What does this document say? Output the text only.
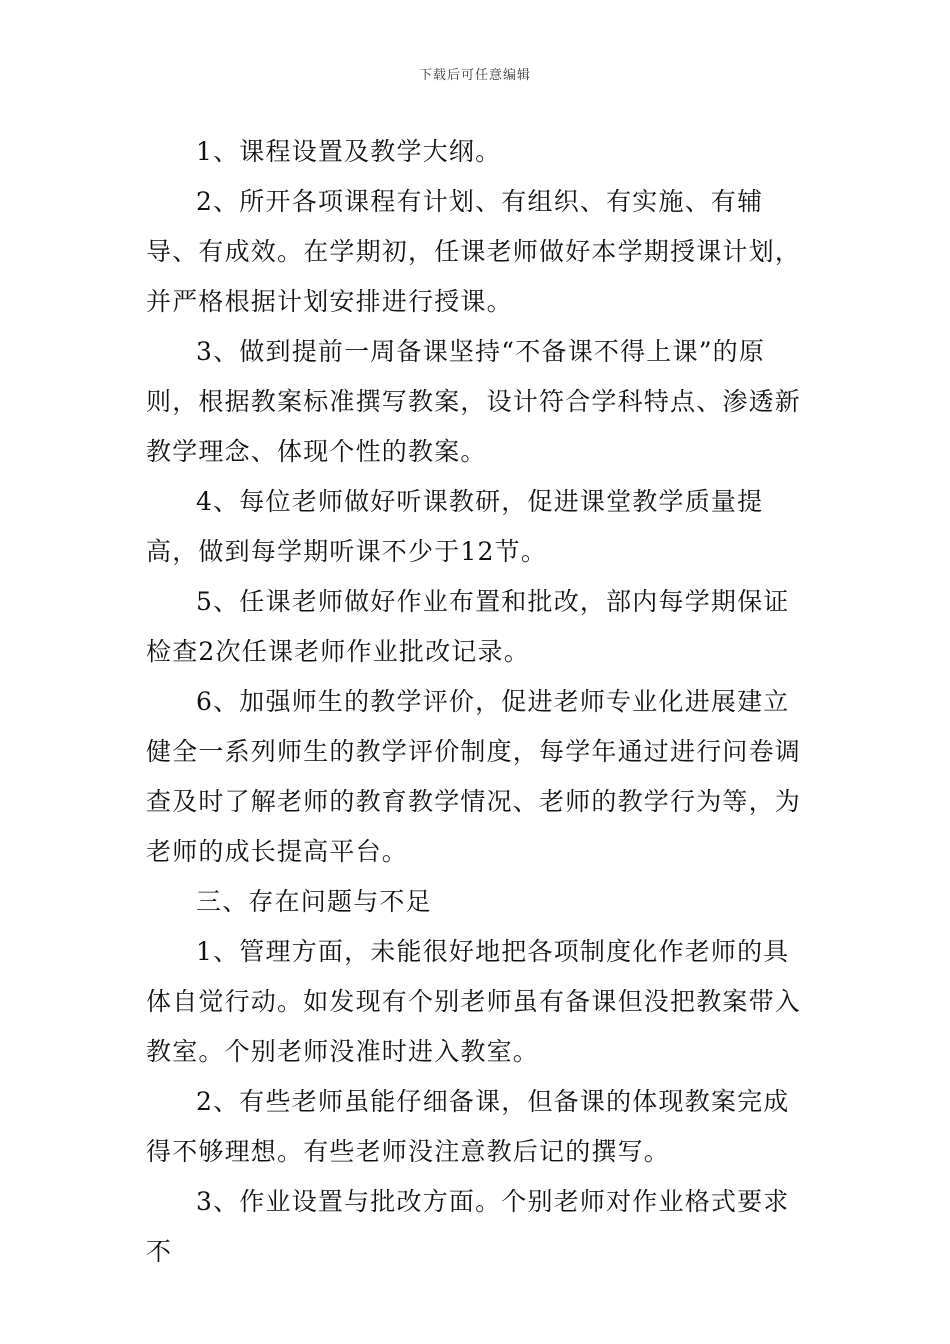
下载后可任意编辑

1、课程设置及教学大纲。

2、所开各项课程有计划、有组织、有实施、有辅导、有成效。在学期初，任课老师做好本学期授课计划，并严格根据计划安排进行授课。

3、做到提前一周备课坚持“不备课不得上课”的原则，根据教案标准撰写教案，设计符合学科特点、渗透新教学理念、体现个性的教案。

4、每位老师做好听课教研，促进课堂教学质量提高，做到每学期听课不少于12节。

5、任课老师做好作业布置和批改，部内每学期保证检查2次任课老师作业批改记录。

6、加强师生的教学评价，促进老师专业化进展建立健全一系列师生的教学评价制度，每学年通过进行问卷调查及时了解老师的教育教学情况、老师的教学行为等，为老师的成长提高平台。

三、存在问题与不足

1、管理方面，未能很好地把各项制度化作老师的具体自觉行动。如发现有个别老师虽有备课但没把教案带入教室。个别老师没准时进入教室。

2、有些老师虽能仔细备课，但备课的体现教案完成得不够理想。有些老师没注意教后记的撰写。

3、作业设置与批改方面。个别老师对作业格式要求不
